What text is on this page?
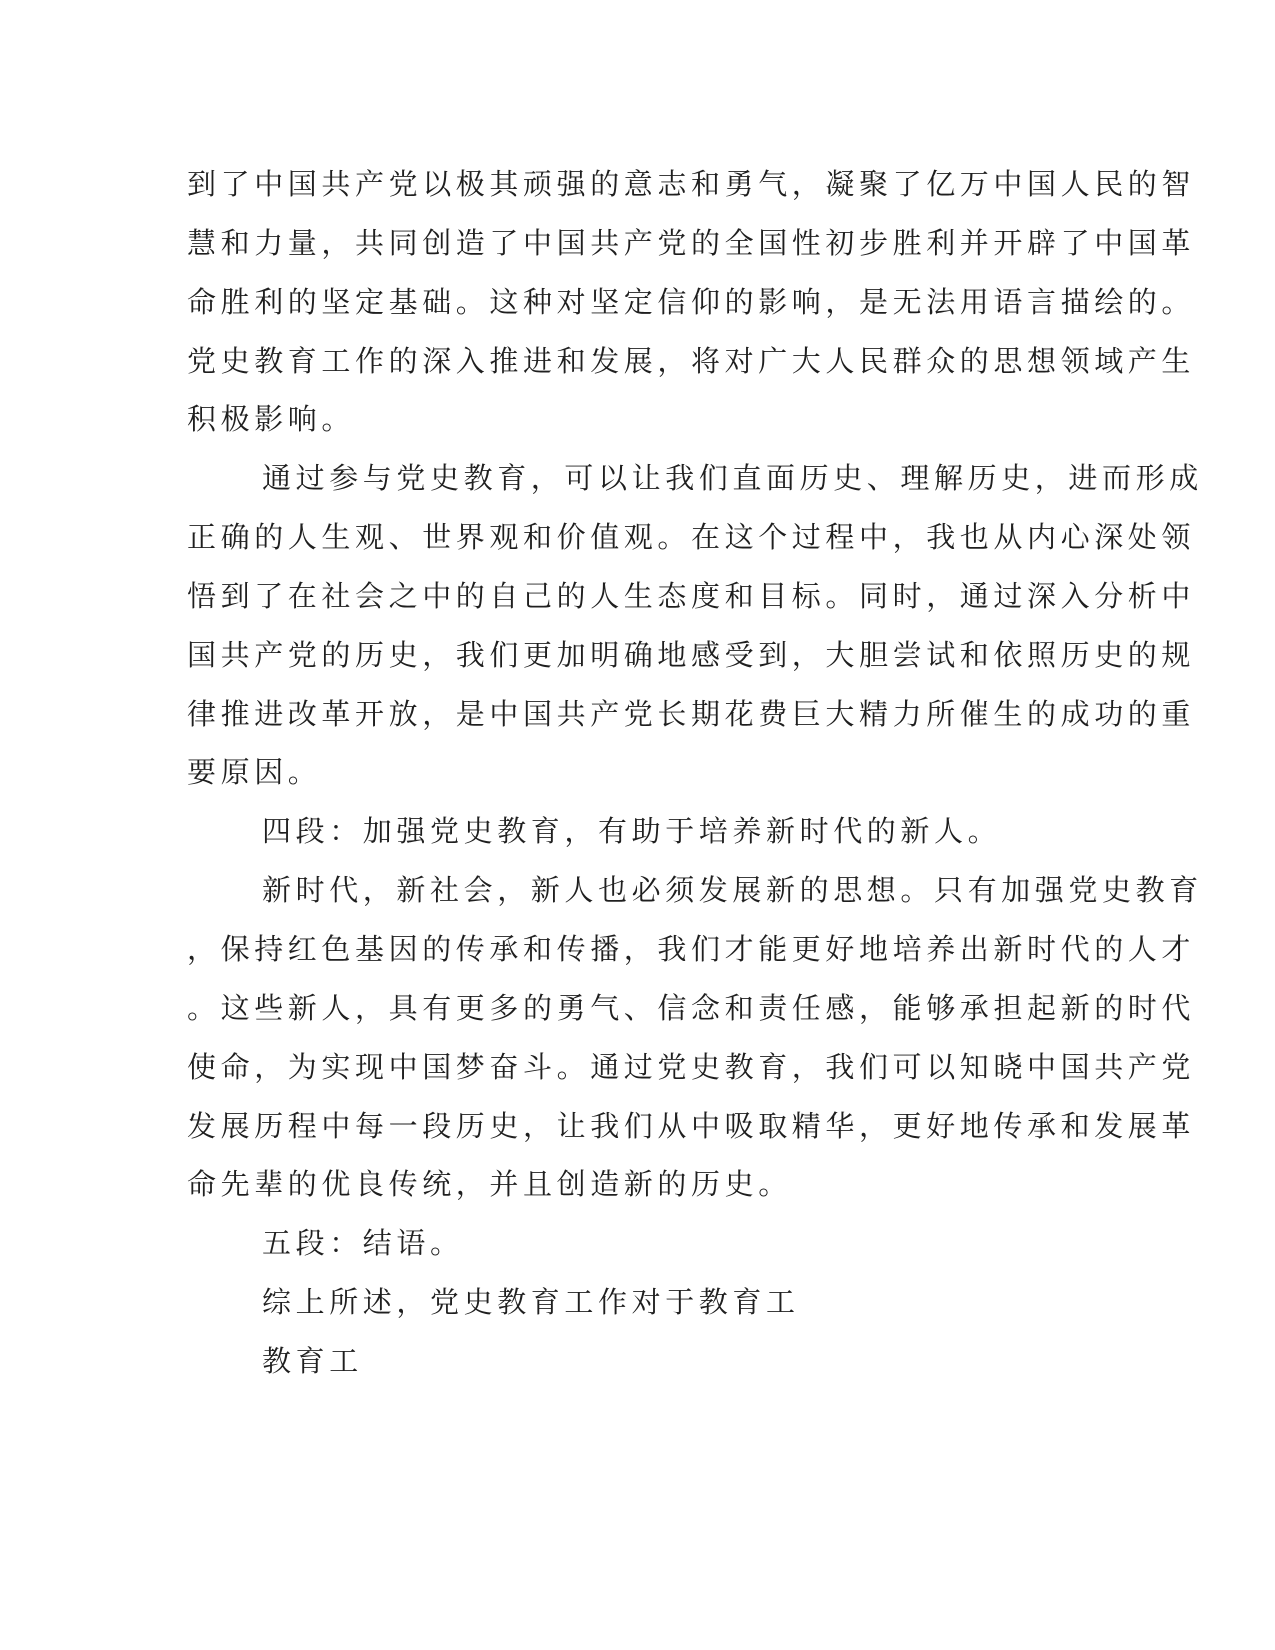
到了中国共产党以极其顽强的意志和勇气，凝聚了亿万中国人民的智

慧和力量，共同创造了中国共产党的全国性初步胜利并开辟了中国革

命胜利的坚定基础。这种对坚定信仰的影响，是无法用语言描绘的。

党史教育工作的深入推进和发展，将对广大人民群众的思想领域产生

积极影响。

通过参与党史教育，可以让我们直面历史、理解历史，进而形成

正确的人生观、世界观和价值观。在这个过程中，我也从内心深处领

悟到了在社会之中的自己的人生态度和目标。同时，通过深入分析中

国共产党的历史，我们更加明确地感受到，大胆尝试和依照历史的规

律推进改革开放，是中国共产党长期花费巨大精力所催生的成功的重

要原因。

四段：加强党史教育，有助于培养新时代的新人。

新时代，新社会，新人也必须发展新的思想。只有加强党史教育

，保持红色基因的传承和传播，我们才能更好地培养出新时代的人才

。这些新人，具有更多的勇气、信念和责任感，能够承担起新的时代

使命，为实现中国梦奋斗。通过党史教育，我们可以知晓中国共产党

发展历程中每一段历史，让我们从中吸取精华，更好地传承和发展革

命先辈的优良传统，并且创造新的历史。

五段：结语。

综上所述，党史教育工作对于教育工

教育工
